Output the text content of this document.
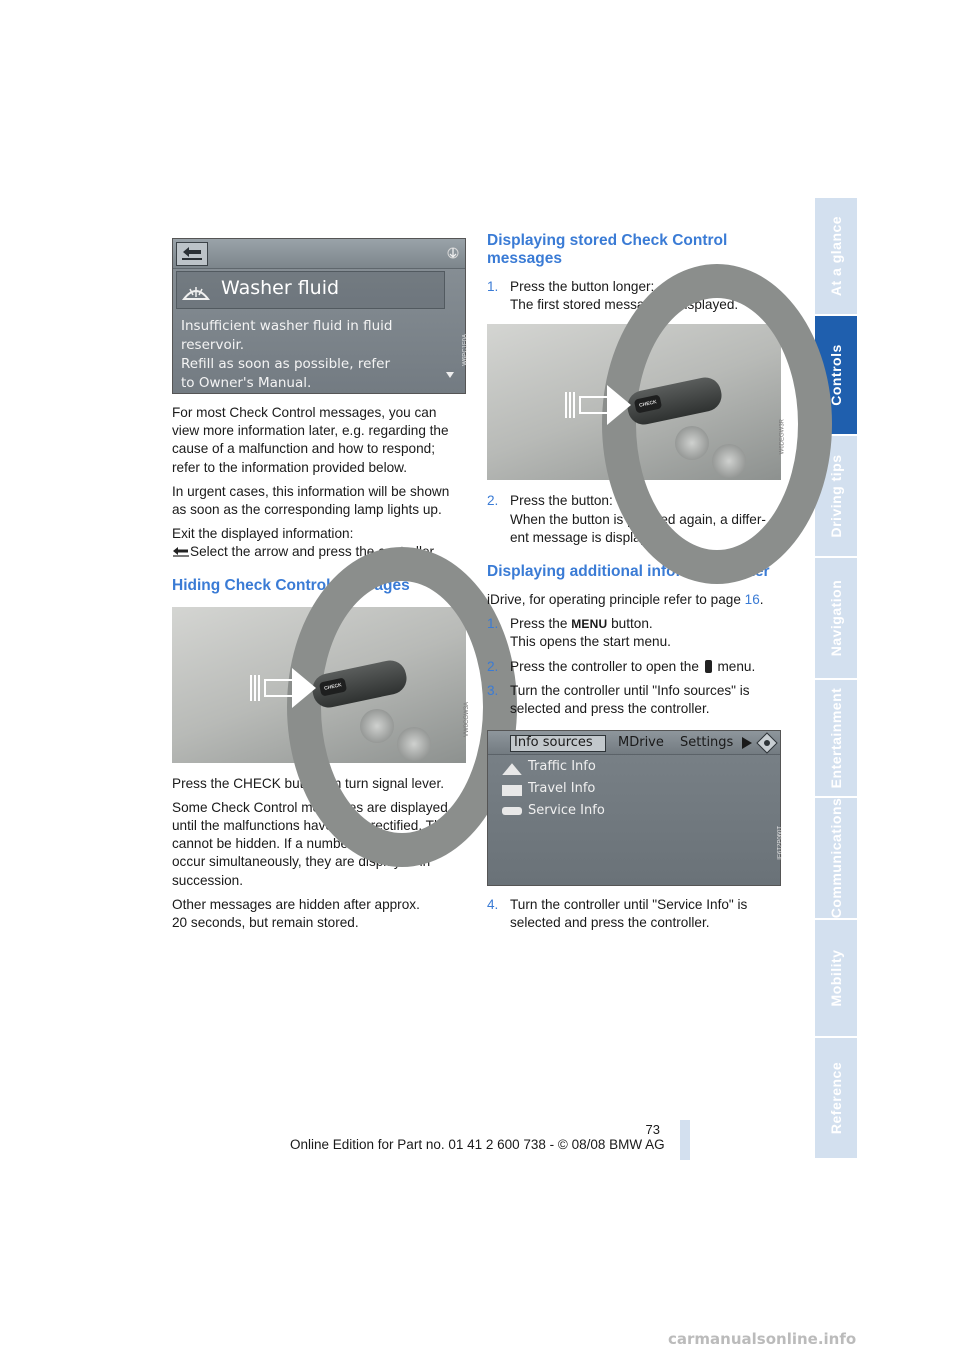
At a glance
Controls
Driving tips
Navigation
Entertainment
Communications
Mobility
Reference
Washer fluid
Insufficient washer fluid in fluid
reservoir.
Refill as soon as possible, refer
to Owner's Manual.
W6PC1F0A

For most Check Control messages, you can view more information later, e.g. regarding the cause of a malfunction and how to respond; refer to the information provided below.

In urgent cases, this information will be shown as soon as the corresponding lamp lights up.

Exit the displayed information:

Select the arrow and press the controller.

Hiding Check Control messages
CHECK
VW0CGW3A

Press the CHECK button on turn signal lever.

Some Check Control messages are displayed until the malfunctions have been rectified. They cannot be hidden. If a number of malfunctions occur simultaneously, they are displayed in succession.

Other messages are hidden after approx.

20 seconds, but remain stored.

Displaying stored Check Control messages
1. Press the button longer:
The first stored message is displayed.
CHECK
W6DEGW3R
2. Press the button:
When the button is pressed again, a differ-ent message is displayed.
Displaying additional information later

iDrive, for operating principle refer to page 16.

1. Press the MENU button.
This opens the start menu.
2. Press the controller to open the menu.
3. Turn the controller until "Info sources" is selected and press the controller.
Info sources MDrive Settings
Traffic Info
Travel Info
Service Info
IE6T2P060T
4. Turn the controller until "Service Info" is selected and press the controller.
73
Online Edition for Part no. 01 41 2 600 738 - © 08/08 BMW AG
carmanualsonline.info
